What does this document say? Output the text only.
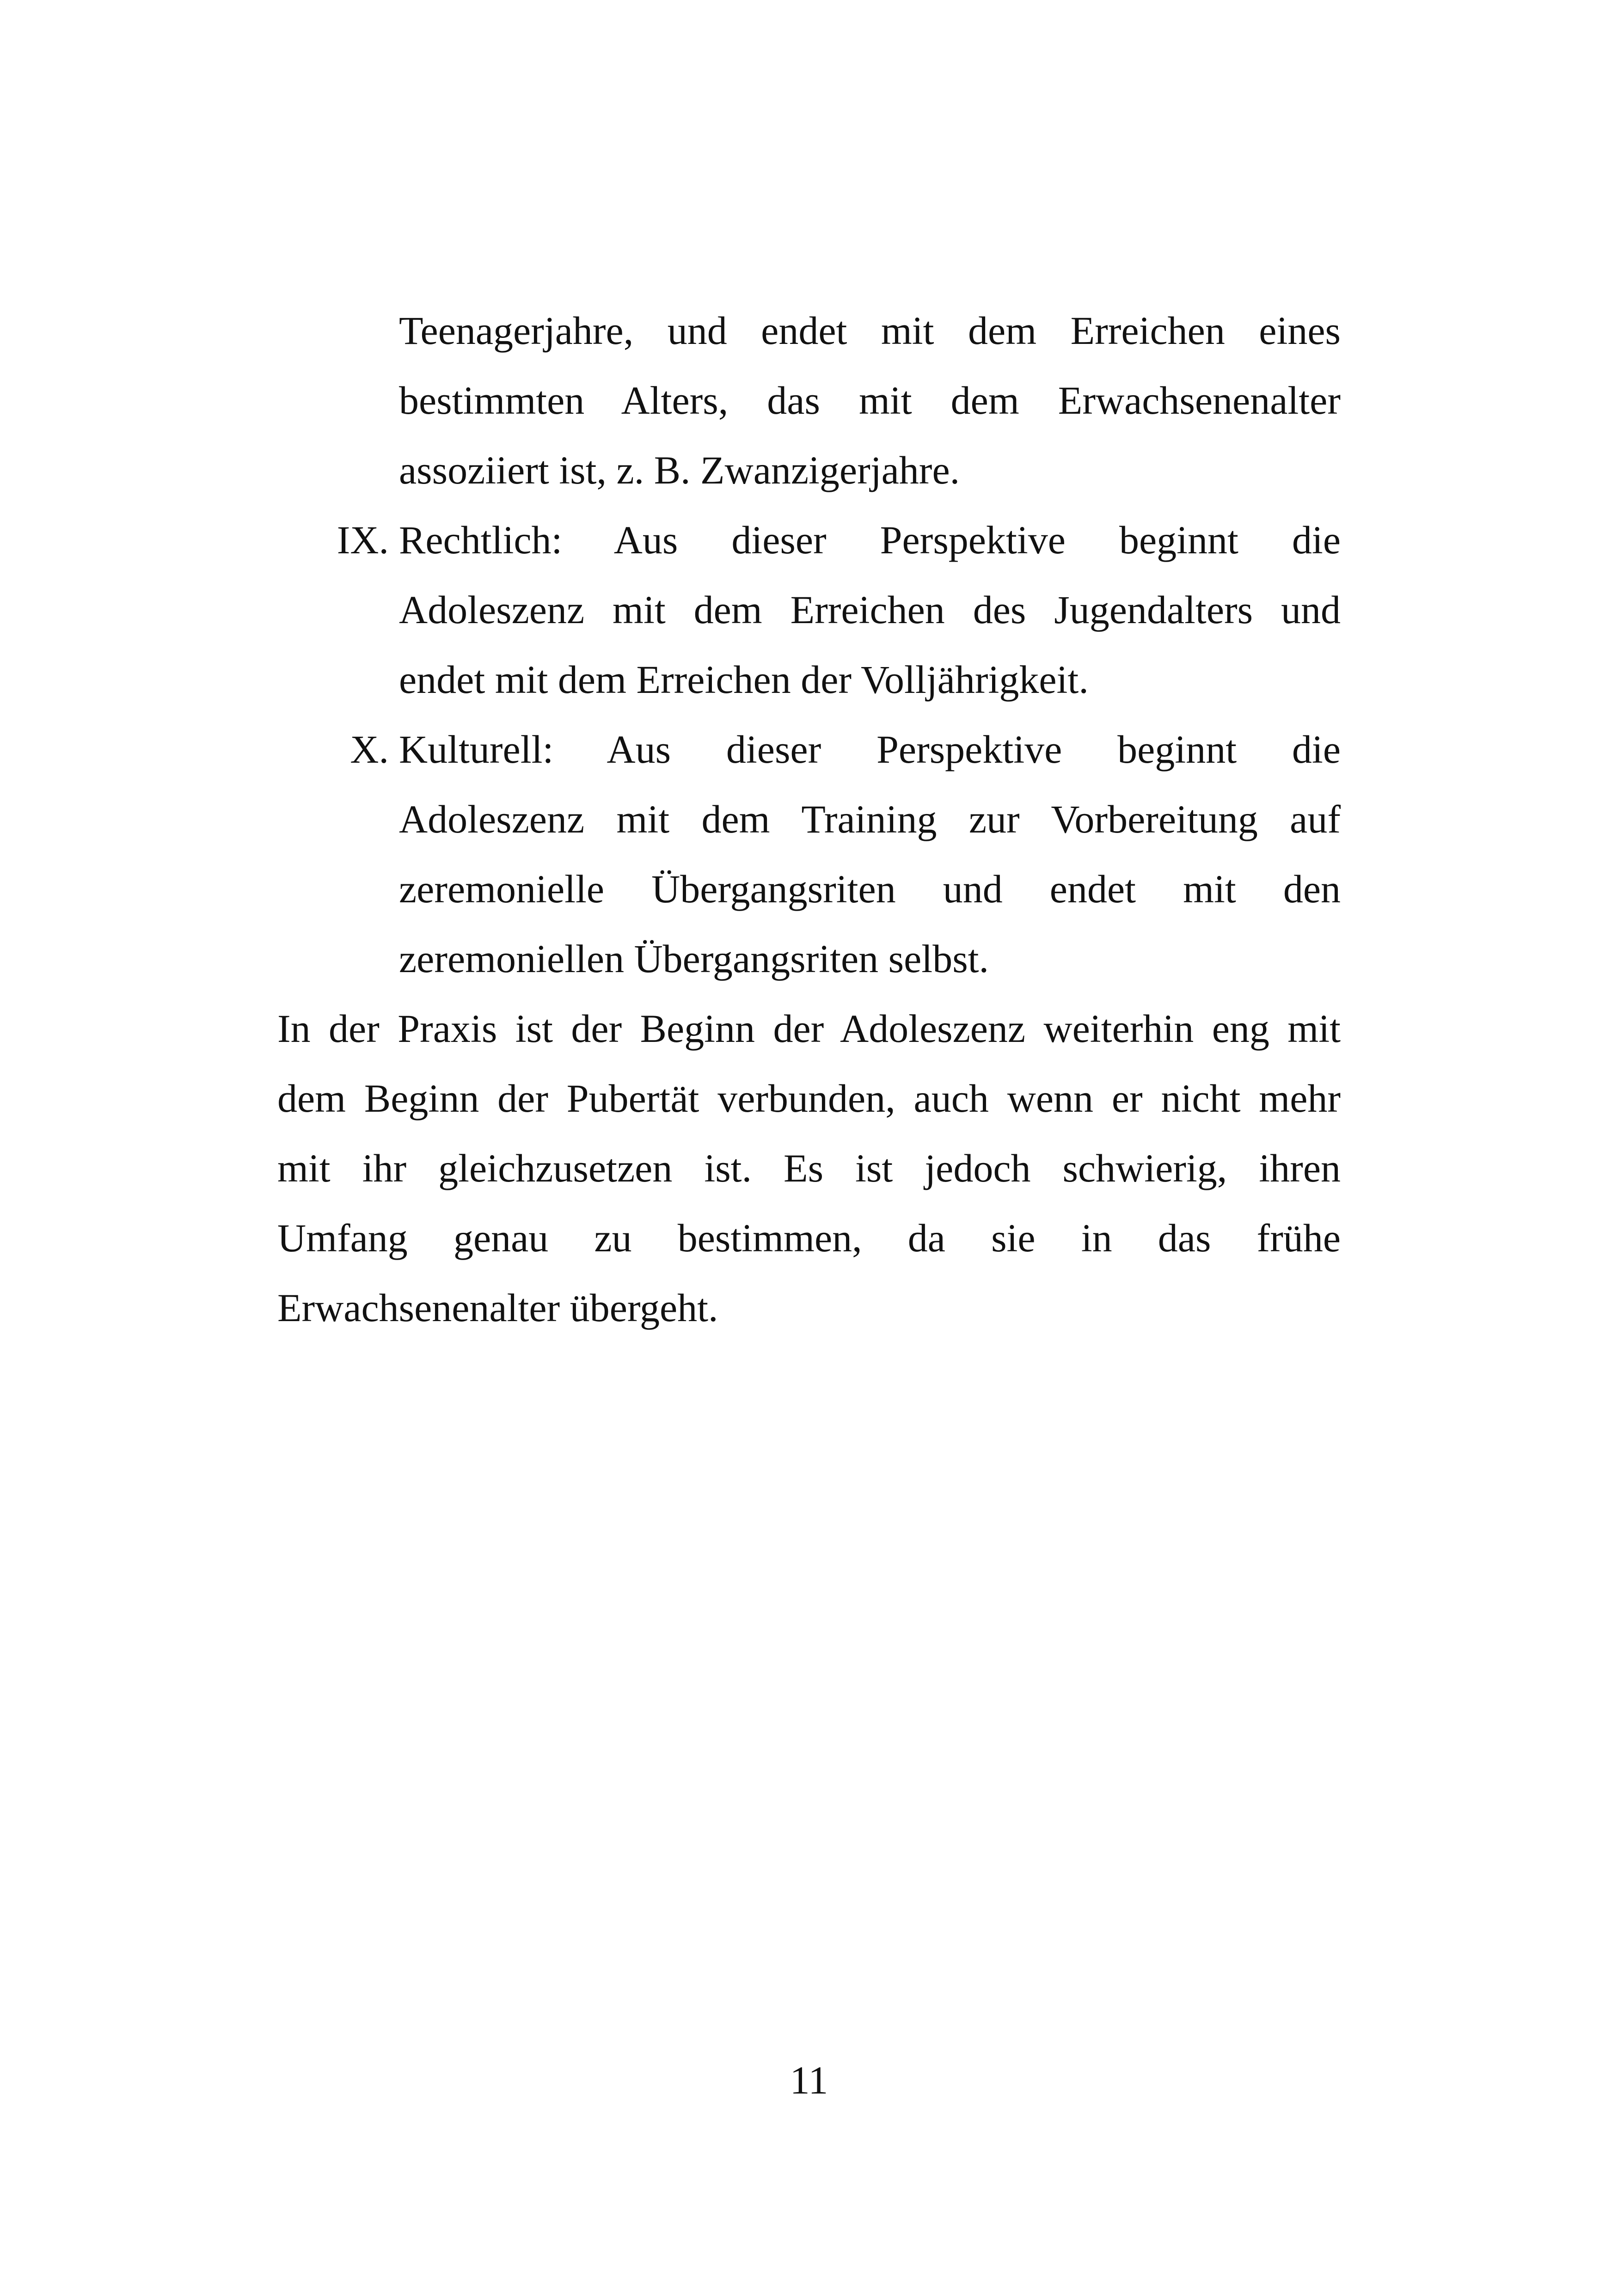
Teenagerjahre, und endet mit dem Erreichen eines
bestimmten Alters, das mit dem Erwachsenenalter
assoziiert ist, z. B. Zwanzigerjahre.
IX. Rechtlich: Aus dieser Perspektive beginnt die
Adoleszenz mit dem Erreichen des Jugendalters und
endet mit dem Erreichen der Volljährigkeit.
X. Kulturell: Aus dieser Perspektive beginnt die
Adoleszenz mit dem Training zur Vorbereitung auf
zeremonielle Übergangsriten und endet mit den
zeremoniellen Übergangsriten selbst.
In der Praxis ist der Beginn der Adoleszenz weiterhin eng mit
dem Beginn der Pubertät verbunden, auch wenn er nicht mehr
mit ihr gleichzusetzen ist. Es ist jedoch schwierig, ihren
Umfang genau zu bestimmen, da sie in das frühe
Erwachsenenalter übergeht.
11
